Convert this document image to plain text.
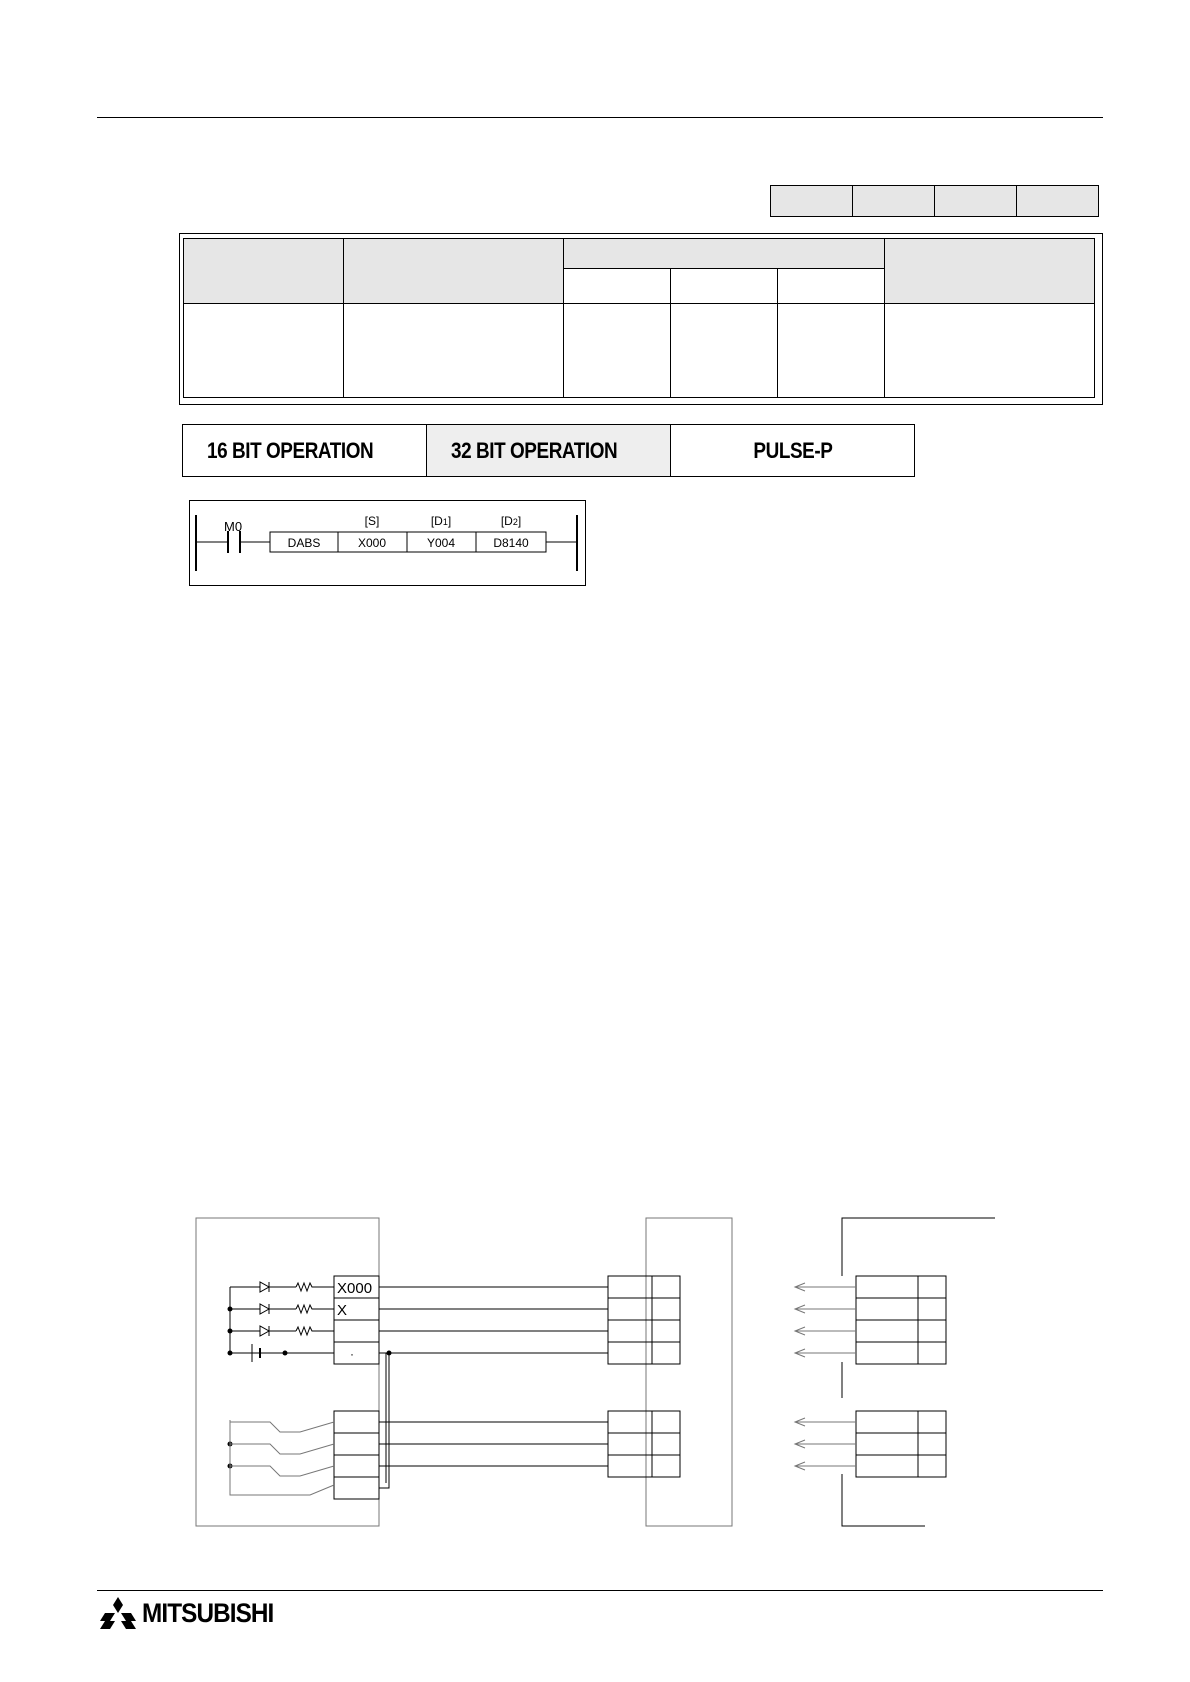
16 BIT OPERATION	32 BIT OPERATION	PULSE-P
M0
DABS	X000	Y004	D8140
[S]	[D1]	[D2]
X000
X
·
MITSUBISHI
